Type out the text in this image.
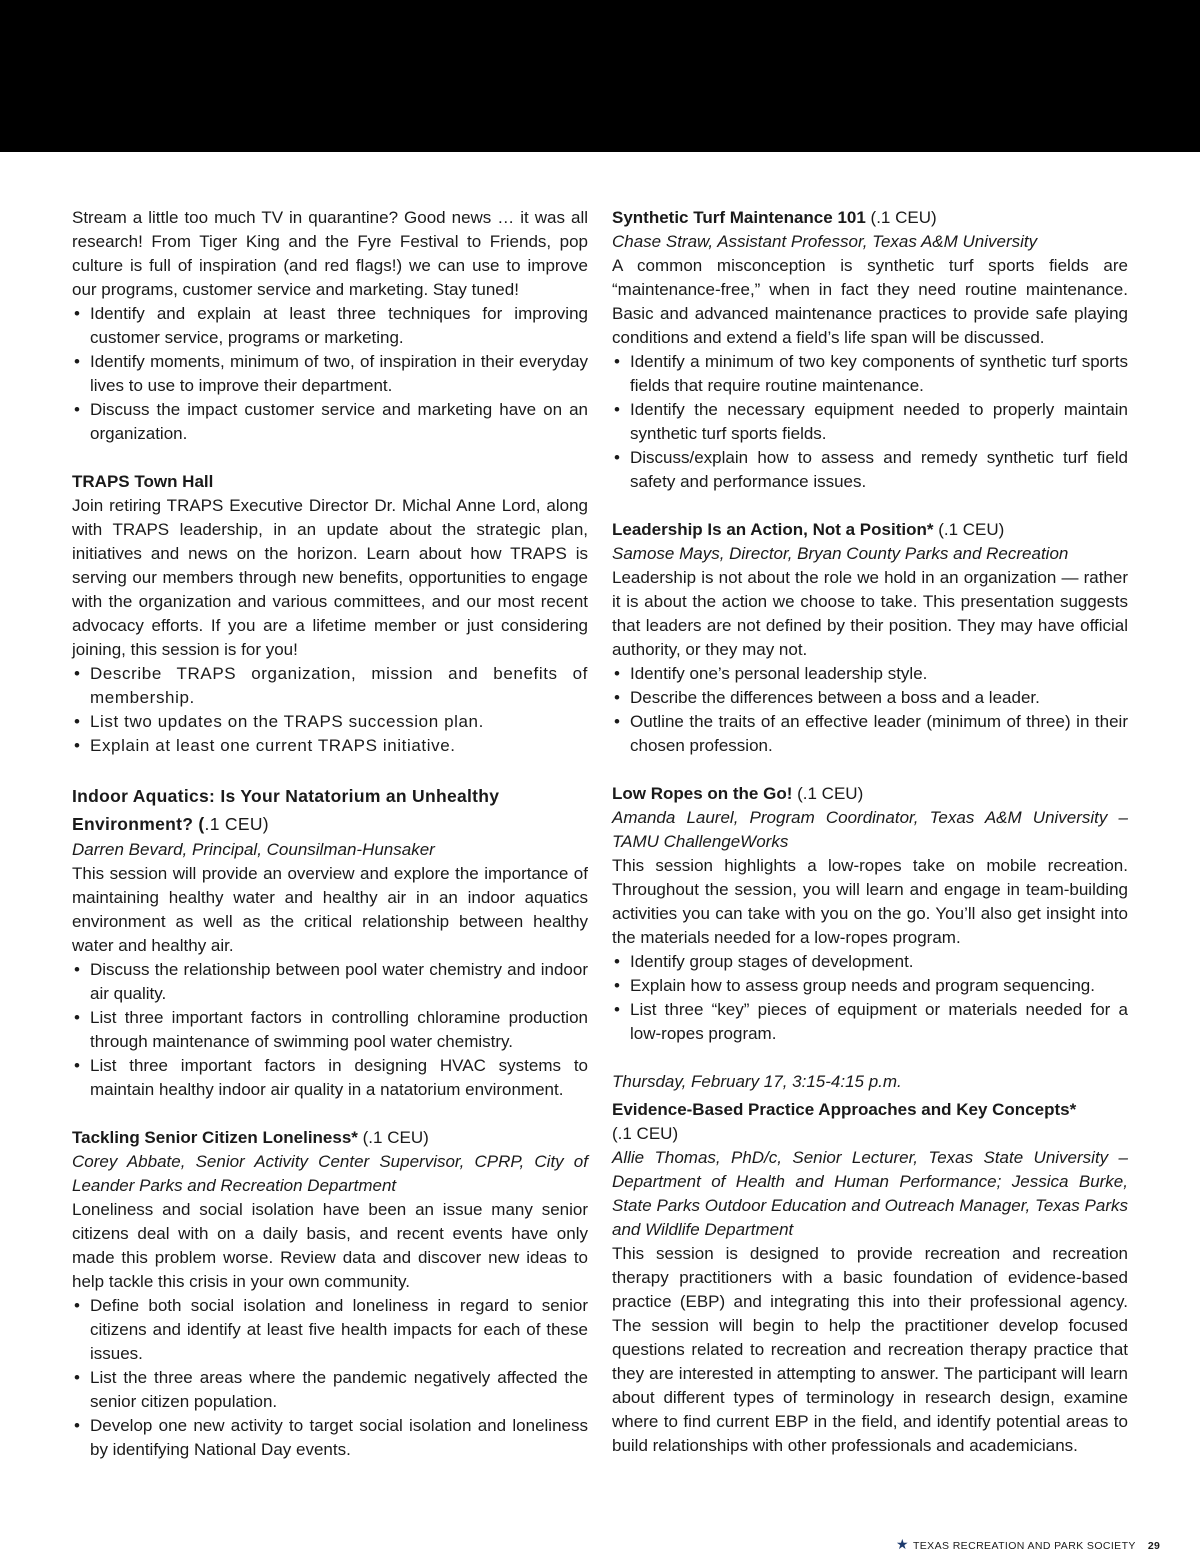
Stream a little too much TV in quarantine? Good news … it was all research! From Tiger King and the Fyre Festival to Friends, pop culture is full of inspiration (and red flags!) we can use to improve our programs, customer service and marketing. Stay tuned!

• Identify and explain at least three techniques for improving customer service, programs or marketing.
• Identify moments, minimum of two, of inspiration in their everyday lives to use to improve their department.
• Discuss the impact customer service and marketing have on an organization.
TRAPS Town Hall

Join retiring TRAPS Executive Director Dr. Michal Anne Lord, along with TRAPS leadership, in an update about the strategic plan, initiatives and news on the horizon. Learn about how TRAPS is serving our members through new benefits, opportunities to engage with the organization and various committees, and our most recent advocacy efforts. If you are a lifetime member or just considering joining, this session is for you!

• Describe TRAPS organization, mission and benefits of membership.
• List two updates on the TRAPS succession plan.
• Explain at least one current TRAPS initiative.
Indoor Aquatics: Is Your Natatorium an Unhealthy Environment? (.1 CEU)

Darren Bevard, Principal, Counsilman-Hunsaker

This session will provide an overview and explore the importance of maintaining healthy water and healthy air in an indoor aquatics environment as well as the critical relationship between healthy water and healthy air.

• Discuss the relationship between pool water chemistry and indoor air quality.
• List three important factors in controlling chloramine production through maintenance of swimming pool water chemistry.
• List three important factors in designing HVAC systems to maintain healthy indoor air quality in a natatorium environment.
Tackling Senior Citizen Loneliness* (.1 CEU)

Corey Abbate, Senior Activity Center Supervisor, CPRP, City of Leander Parks and Recreation Department

Loneliness and social isolation have been an issue many senior citizens deal with on a daily basis, and recent events have only made this problem worse. Review data and discover new ideas to help tackle this crisis in your own community.

• Define both social isolation and loneliness in regard to senior citizens and identify at least five health impacts for each of these issues.
• List the three areas where the pandemic negatively affected the senior citizen population.
• Develop one new activity to target social isolation and loneliness by identifying National Day events.
Synthetic Turf Maintenance 101 (.1 CEU)

Chase Straw, Assistant Professor, Texas A&M University

A common misconception is synthetic turf sports fields are “maintenance-free,” when in fact they need routine maintenance. Basic and advanced maintenance practices to provide safe playing conditions and extend a field’s life span will be discussed.

• Identify a minimum of two key components of synthetic turf sports fields that require routine maintenance.
• Identify the necessary equipment needed to properly maintain synthetic turf sports fields.
• Discuss/explain how to assess and remedy synthetic turf field safety and performance issues.
Leadership Is an Action, Not a Position* (.1 CEU)

Samose Mays, Director, Bryan County Parks and Recreation

Leadership is not about the role we hold in an organization — rather it is about the action we choose to take. This presentation suggests that leaders are not defined by their position. They may have official authority, or they may not.

• Identify one’s personal leadership style.
• Describe the differences between a boss and a leader.
• Outline the traits of an effective leader (minimum of three) in their chosen profession.
Low Ropes on the Go! (.1 CEU)

Amanda Laurel, Program Coordinator, Texas A&M University – TAMU ChallengeWorks

This session highlights a low-ropes take on mobile recreation. Throughout the session, you will learn and engage in team-building activities you can take with you on the go. You’ll also get insight into the materials needed for a low-ropes program.

• Identify group stages of development.
• Explain how to assess group needs and program sequencing.
• List three “key” pieces of equipment or materials needed for a low-ropes program.

Thursday, February 17, 3:15-4:15 p.m.

Evidence-Based Practice Approaches and Key Concepts*
(.1 CEU)

Allie Thomas, PhD/c, Senior Lecturer, Texas State University – Department of Health and Human Performance; Jessica Burke, State Parks Outdoor Education and Outreach Manager, Texas Parks and Wildlife Department

This session is designed to provide recreation and recreation therapy practitioners with a basic foundation of evidence-based practice (EBP) and integrating this into their professional agency. The session will begin to help the practitioner develop focused questions related to recreation and recreation therapy practice that they are interested in attempting to answer. The participant will learn about different types of terminology in research design, examine where to find current EBP in the field, and identify potential areas to build relationships with other professionals and academicians.

★ TEXAS RECREATION AND PARK SOCIETY 29
